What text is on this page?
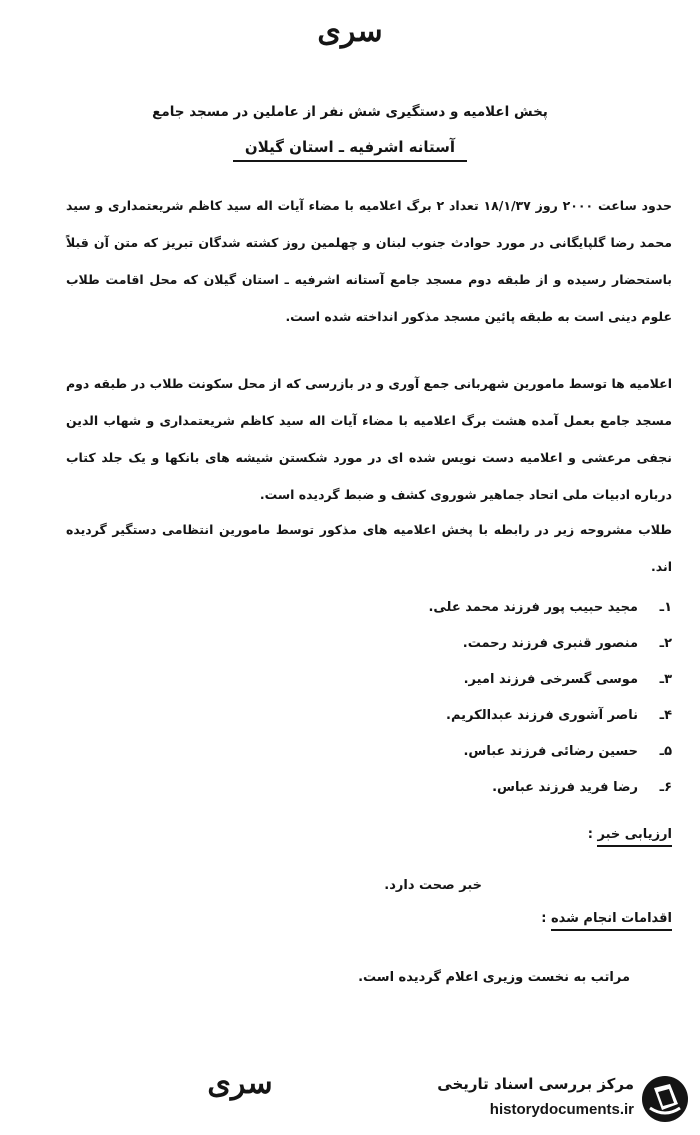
سری
پخش اعلامیه و دستگیری شش نفر از عاملین در مسجد جامع
آستانه اشرفیه ـ استان گیلان

حدود ساعت ۲۰۰۰ روز ۱۸/۱/۳۷ تعداد ۲ برگ اعلامیه با مضاء آیات اله سید کاظم شریعتمداری و سید محمد رضا گلپایگانی در مورد حوادث جنوب لبنان و چهلمین روز کشته شدگان تبریز که متن آن قبلاً باستحضار رسیده و از طبقه دوم مسجد جامع آستانه اشرفیه ـ استان گیلان که محل اقامت طلاب علوم دینی است به طبقه پائین مسجد مذکور انداخته شده است.

اعلامیه ها توسط مامورین شهربانی جمع آوری و در بازرسی که از محل سکونت طلاب در طبقه دوم مسجد جامع بعمل آمده هشت برگ اعلامیه با مضاء آیات اله سید کاظم شریعتمداری و شهاب الدین نجفی مرعشی و اعلامیه دست نویس شده ای در مورد شکستن شیشه های بانکها و یک جلد کتاب درباره ادبیات ملی اتحاد جماهیر شوروی کشف و ضبط گردیده است.

طلاب مشروحه زیر در رابطه با پخش اعلامیه های مذکور توسط مامورین انتظامی دستگیر گردیده اند.

۱ـمجید حبیب پور فرزند محمد علی.
۲ـمنصور قنبری فرزند رحمت.
۳ـموسی گسرخی فرزند امیر.
۴ـناصر آشوری فرزند عبدالکریم.
۵ـحسین رضائی فرزند عباس.
۶ـرضا فرید فرزند عباس.
ارزیابی خبر :
خبر صحت دارد.
اقدامات انجام شده :
مراتب به نخست وزیری اعلام گردیده است.
سری	مرکز بررسی اسناد تاریخی
historydocuments.ir
